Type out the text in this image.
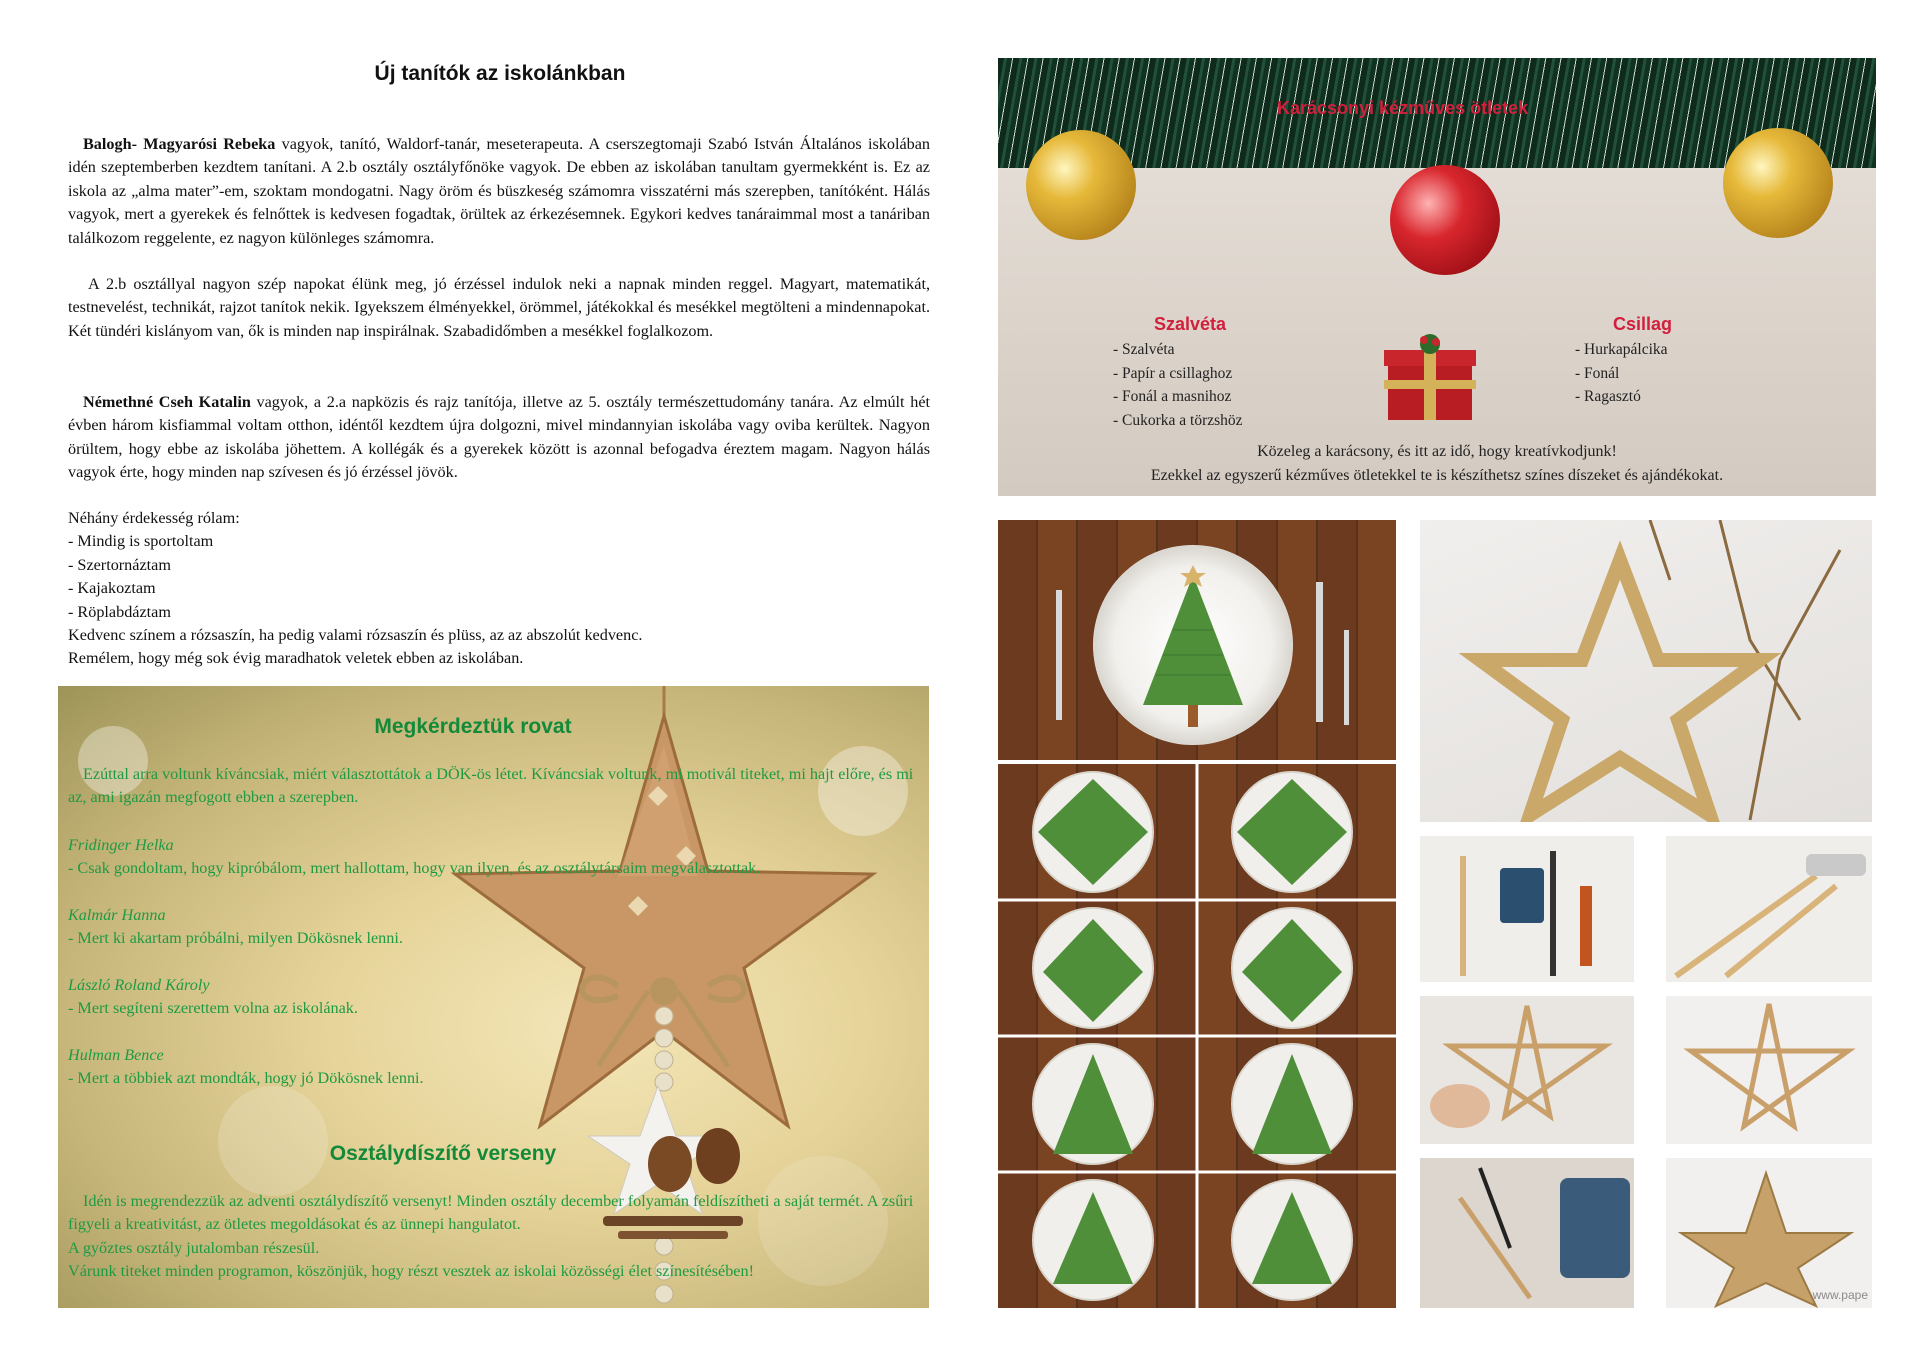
Új tanítók az iskolánkban
Balogh- Magyarósi Rebeka vagyok, tanító, Waldorf-tanár, meseterapeuta. A cserszegtomaji Szabó István Általános iskolában idén szeptemberben kezdtem tanítani. A 2.b osztály osztályfőnöke vagyok. De ebben az iskolában tanultam gyermekként is. Ez az iskola az „alma mater”-em, szoktam mondogatni. Nagy öröm és büszkeség számomra visszatérni más szerepben, tanítóként. Hálás vagyok, mert a gyerekek és felnőttek is kedvesen fogadtak, örültek az érkezésemnek. Egykori kedves tanáraimmal most a tanáriban találkozom reggelente, ez nagyon különleges számomra.
A 2.b osztállyal nagyon szép napokat élünk meg, jó érzéssel indulok neki a napnak minden reggel. Magyart, matematikát, testnevelést, technikát, rajzot tanítok nekik. Igyekszem élményekkel, örömmel, játékokkal és mesékkel megtölteni a mindennapokat. Két tündéri kislányom van, ők is minden nap inspirálnak. Szabadidőmben a mesékkel foglalkozom.
Némethné Cseh Katalin vagyok, a 2.a napközis és rajz tanítója, illetve az 5. osztály természettudomány tanára. Az elmúlt hét évben három kisfiammal voltam otthon, idéntől kezdtem újra dolgozni, mivel mindannyian iskolába vagy oviba kerültek. Nagyon örültem, hogy ebbe az iskolába jöhettem. A kollégák és a gyerekek között is azonnal befogadva éreztem magam. Nagyon hálás vagyok érte, hogy minden nap szívesen és jó érzéssel jövök.
Néhány érdekesség rólam:
- Mindig is sportoltam
- Szertornáztam
- Kajakoztam
- Röplabdáztam
Kedvenc színem a rózsaszín, ha pedig valami rózsaszín és plüss, az az abszolút kedvenc.
Remélem, hogy még sok évig maradhatok veletek ebben az iskolában.
Megkérdeztük rovat
Ezúttal arra voltunk kíváncsiak, miért választottátok a DÖK-ös létet. Kíváncsiak voltunk, mi motivál titeket, mi hajt előre, és mi az, ami igazán megfogott ebben a szerepben.
Fridinger Helka
- Csak gondoltam, hogy kipróbálom, mert hallottam, hogy van ilyen, és az osztálytársaim megválasztottak.
Kalmár Hanna
- Mert ki akartam próbálni, milyen Dökösnek lenni.
László Roland Károly
- Mert segíteni szerettem volna az iskolának.
Hulman Bence
- Mert a többiek azt mondták, hogy jó Dökösnek lenni.
Osztálydíszítő verseny
Idén is megrendezzük az adventi osztálydíszítő versenyt! Minden osztály december folyamán feldíszítheti a saját termét. A zsűri figyeli a kreativitást, az ötletes megoldásokat és az ünnepi hangulatot.
A győztes osztály jutalomban részesül.
Várunk titeket minden programon, köszönjük, hogy részt vesztek az iskolai közösségi élet színesítésében!
Karácsonyi kézműves ötletek
Szalvéta
- Szalvéta
- Papír a csillaghoz
- Fonál a masnihoz
- Cukorka a törzshöz
Csillag
- Hurkapálcika
- Fonál
- Ragasztó
Közeleg a karácsony, és itt az idő, hogy kreatívkodjunk!
Ezekkel az egyszerű kézműves ötletekkel te is készíthetsz színes díszeket és ajándékokat.
www.pape
